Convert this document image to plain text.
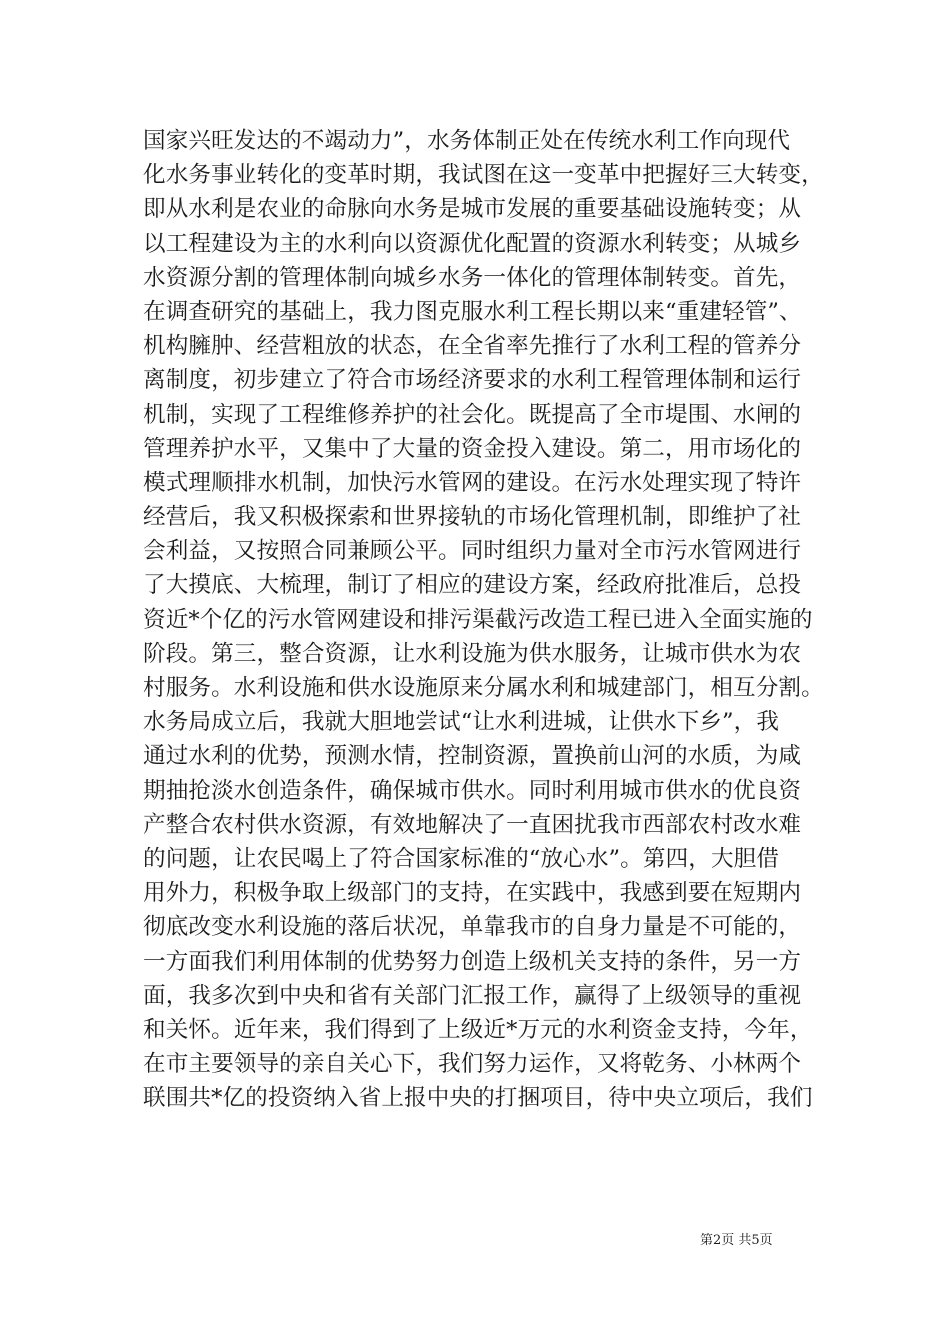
国家兴旺发达的不竭动力”，水务体制正处在传统水利工作向现代
化水务事业转化的变革时期，我试图在这一变革中把握好三大转变，
即从水利是农业的命脉向水务是城市发展的重要基础设施转变；从
以工程建设为主的水利向以资源优化配置的资源水利转变；从城乡
水资源分割的管理体制向城乡水务一体化的管理体制转变。首先，
在调查研究的基础上，我力图克服水利工程长期以来“重建轻管”、
机构臃肿、经营粗放的状态，在全省率先推行了水利工程的管养分
离制度，初步建立了符合市场经济要求的水利工程管理体制和运行
机制，实现了工程维修养护的社会化。既提高了全市堤围、水闸的
管理养护水平，又集中了大量的资金投入建设。第二，用市场化的
模式理顺排水机制，加快污水管网的建设。在污水处理实现了特许
经营后，我又积极探索和世界接轨的市场化管理机制，即维护了社
会利益，又按照合同兼顾公平。同时组织力量对全市污水管网进行
了大摸底、大梳理，制订了相应的建设方案，经政府批准后，总投
资近*个亿的污水管网建设和排污渠截污改造工程已进入全面实施的
阶段。第三，整合资源，让水利设施为供水服务，让城市供水为农
村服务。水利设施和供水设施原来分属水利和城建部门，相互分割。
水务局成立后，我就大胆地尝试“让水利进城，让供水下乡”，我
通过水利的优势，预测水情，控制资源，置换前山河的水质，为咸
期抽抢淡水创造条件，确保城市供水。同时利用城市供水的优良资
产整合农村供水资源，有效地解决了一直困扰我市西部农村改水难
的问题，让农民喝上了符合国家标准的“放心水”。第四，大胆借
用外力，积极争取上级部门的支持，在实践中，我感到要在短期内
彻底改变水利设施的落后状况，单靠我市的自身力量是不可能的，
一方面我们利用体制的优势努力创造上级机关支持的条件，另一方
面，我多次到中央和省有关部门汇报工作，赢得了上级领导的重视
和关怀。近年来，我们得到了上级近*万元的水利资金支持，今年，
在市主要领导的亲自关心下，我们努力运作，又将乾务、小林两个
联围共*亿的投资纳入省上报中央的打捆项目，待中央立项后，我们
第2页 共5页
